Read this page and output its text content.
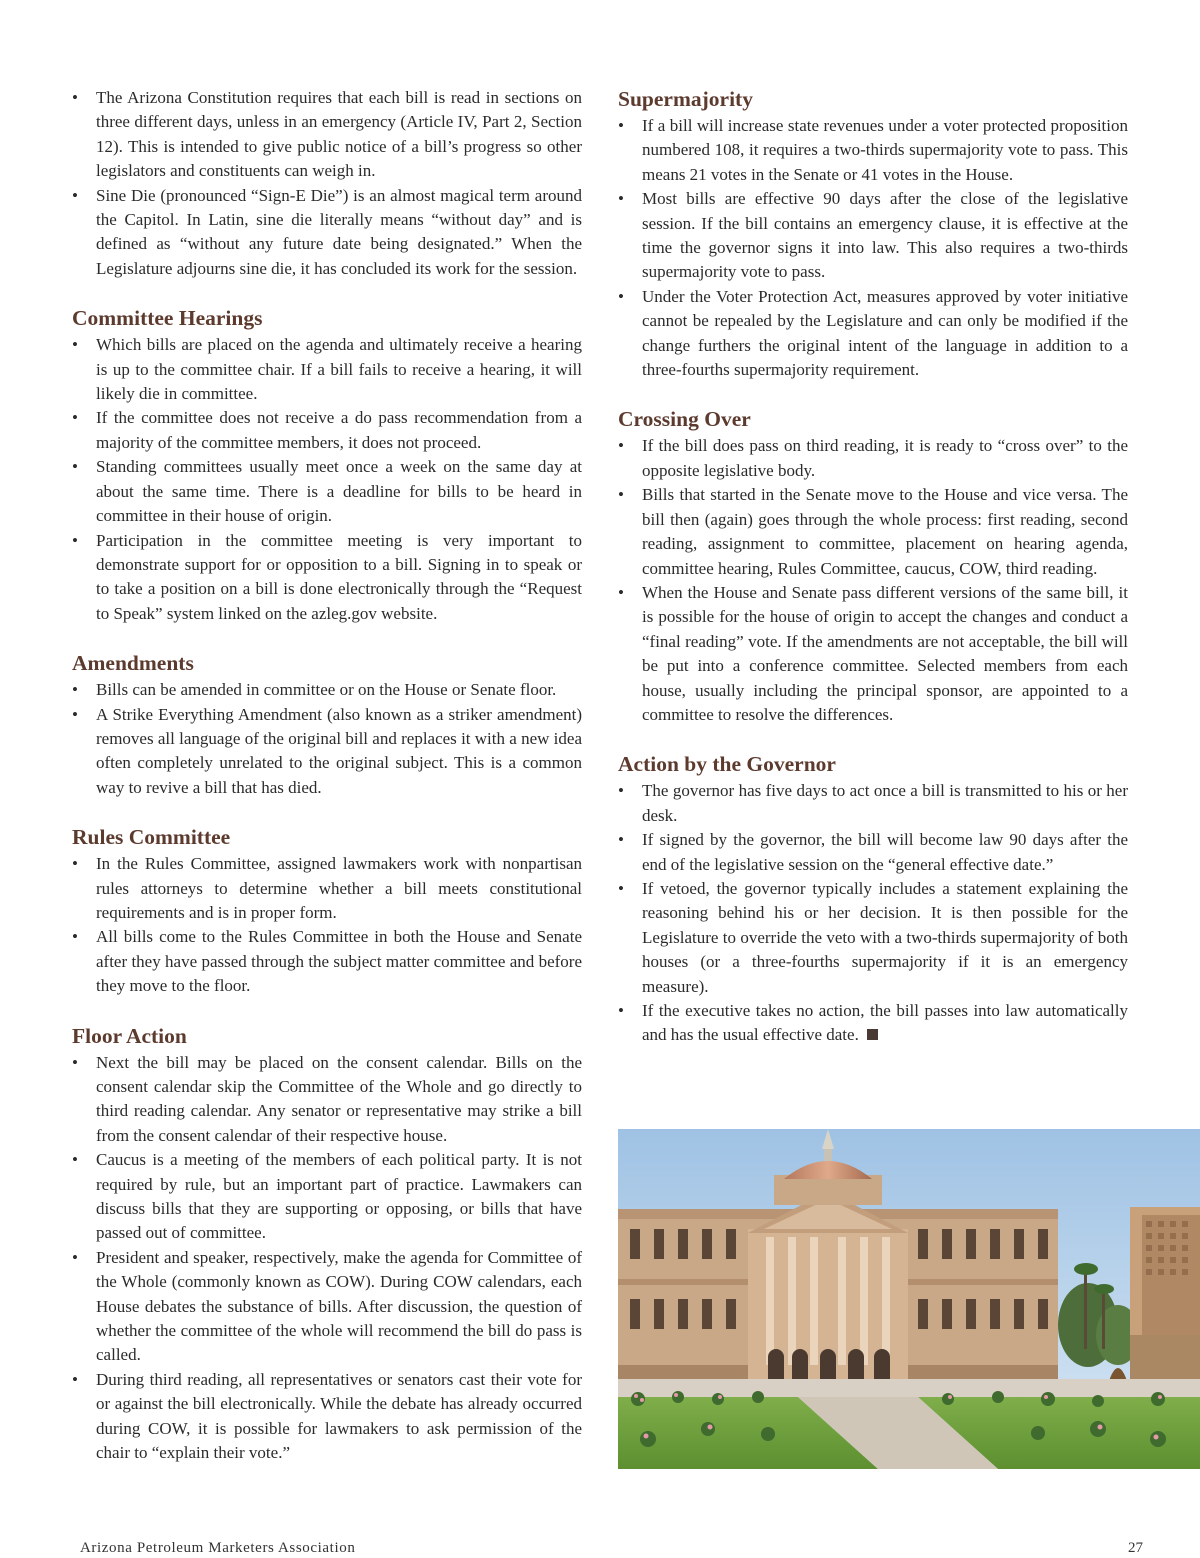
• The Arizona Constitution requires that each bill is read in sections on three different days, unless in an emergency (Article IV, Part 2, Section 12). This is intended to give public notice of a bill’s progress so other legislators and constituents can weigh in.
• Sine Die (pronounced “Sign-E Die”) is an almost magical term around the Capitol. In Latin, sine die literally means “without day” and is defined as “without any future date being designated.” When the Legislature adjourns sine die, it has concluded its work for the session.
Committee Hearings
• Which bills are placed on the agenda and ultimately receive a hearing is up to the committee chair. If a bill fails to receive a hearing, it will likely die in committee.
• If the committee does not receive a do pass recommendation from a majority of the committee members, it does not proceed.
• Standing committees usually meet once a week on the same day at about the same time. There is a deadline for bills to be heard in committee in their house of origin.
• Participation in the committee meeting is very important to demonstrate support for or opposition to a bill. Signing in to speak or to take a position on a bill is done electronically through the “Request to Speak” system linked on the azleg.gov website.
Amendments
• Bills can be amended in committee or on the House or Senate floor.
• A Strike Everything Amendment (also known as a striker amendment) removes all language of the original bill and replaces it with a new idea often completely unrelated to the original subject. This is a common way to revive a bill that has died.
Rules Committee
• In the Rules Committee, assigned lawmakers work with nonpartisan rules attorneys to determine whether a bill meets constitutional requirements and is in proper form.
• All bills come to the Rules Committee in both the House and Senate after they have passed through the subject matter committee and before they move to the floor.
Floor Action
• Next the bill may be placed on the consent calendar. Bills on the consent calendar skip the Committee of the Whole and go directly to third reading calendar. Any senator or representative may strike a bill from the consent calendar of their respective house.
• Caucus is a meeting of the members of each political party. It is not required by rule, but an important part of practice. Lawmakers can discuss bills that they are supporting or opposing, or bills that have passed out of committee.
• President and speaker, respectively, make the agenda for Committee of the Whole (commonly known as COW). During COW calendars, each House debates the substance of bills. After discussion, the question of whether the committee of the whole will recommend the bill do pass is called.
• During third reading, all representatives or senators cast their vote for or against the bill electronically. While the debate has already occurred during COW, it is possible for lawmakers to ask permission of the chair to “explain their vote.”
Supermajority
• If a bill will increase state revenues under a voter protected proposition numbered 108, it requires a two-thirds supermajority vote to pass. This means 21 votes in the Senate or 41 votes in the House.
• Most bills are effective 90 days after the close of the legislative session. If the bill contains an emergency clause, it is effective at the time the governor signs it into law. This also requires a two-thirds supermajority vote to pass.
• Under the Voter Protection Act, measures approved by voter initiative cannot be repealed by the Legislature and can only be modified if the change furthers the original intent of the language in addition to a three-fourths supermajority requirement.
Crossing Over
• If the bill does pass on third reading, it is ready to “cross over” to the opposite legislative body.
• Bills that started in the Senate move to the House and vice versa. The bill then (again) goes through the whole process: first reading, second reading, assignment to committee, placement on hearing agenda, committee hearing, Rules Committee, caucus, COW, third reading.
• When the House and Senate pass different versions of the same bill, it is possible for the house of origin to accept the changes and conduct a “final reading” vote. If the amendments are not acceptable, the bill will be put into a conference committee. Selected members from each house, usually including the principal sponsor, are appointed to a committee to resolve the differences.
Action by the Governor
• The governor has five days to act once a bill is transmitted to his or her desk.
• If signed by the governor, the bill will become law 90 days after the end of the legislative session on the “general effective date.”
• If vetoed, the governor typically includes a statement explaining the reasoning behind his or her decision. It is then possible for the Legislature to override the veto with a two-thirds supermajority of both houses (or a three-fourths supermajority if it is an emergency measure).
• If the executive takes no action, the bill passes into law automatically and has the usual effective date.
Arizona Petroleum Marketers Association	27
